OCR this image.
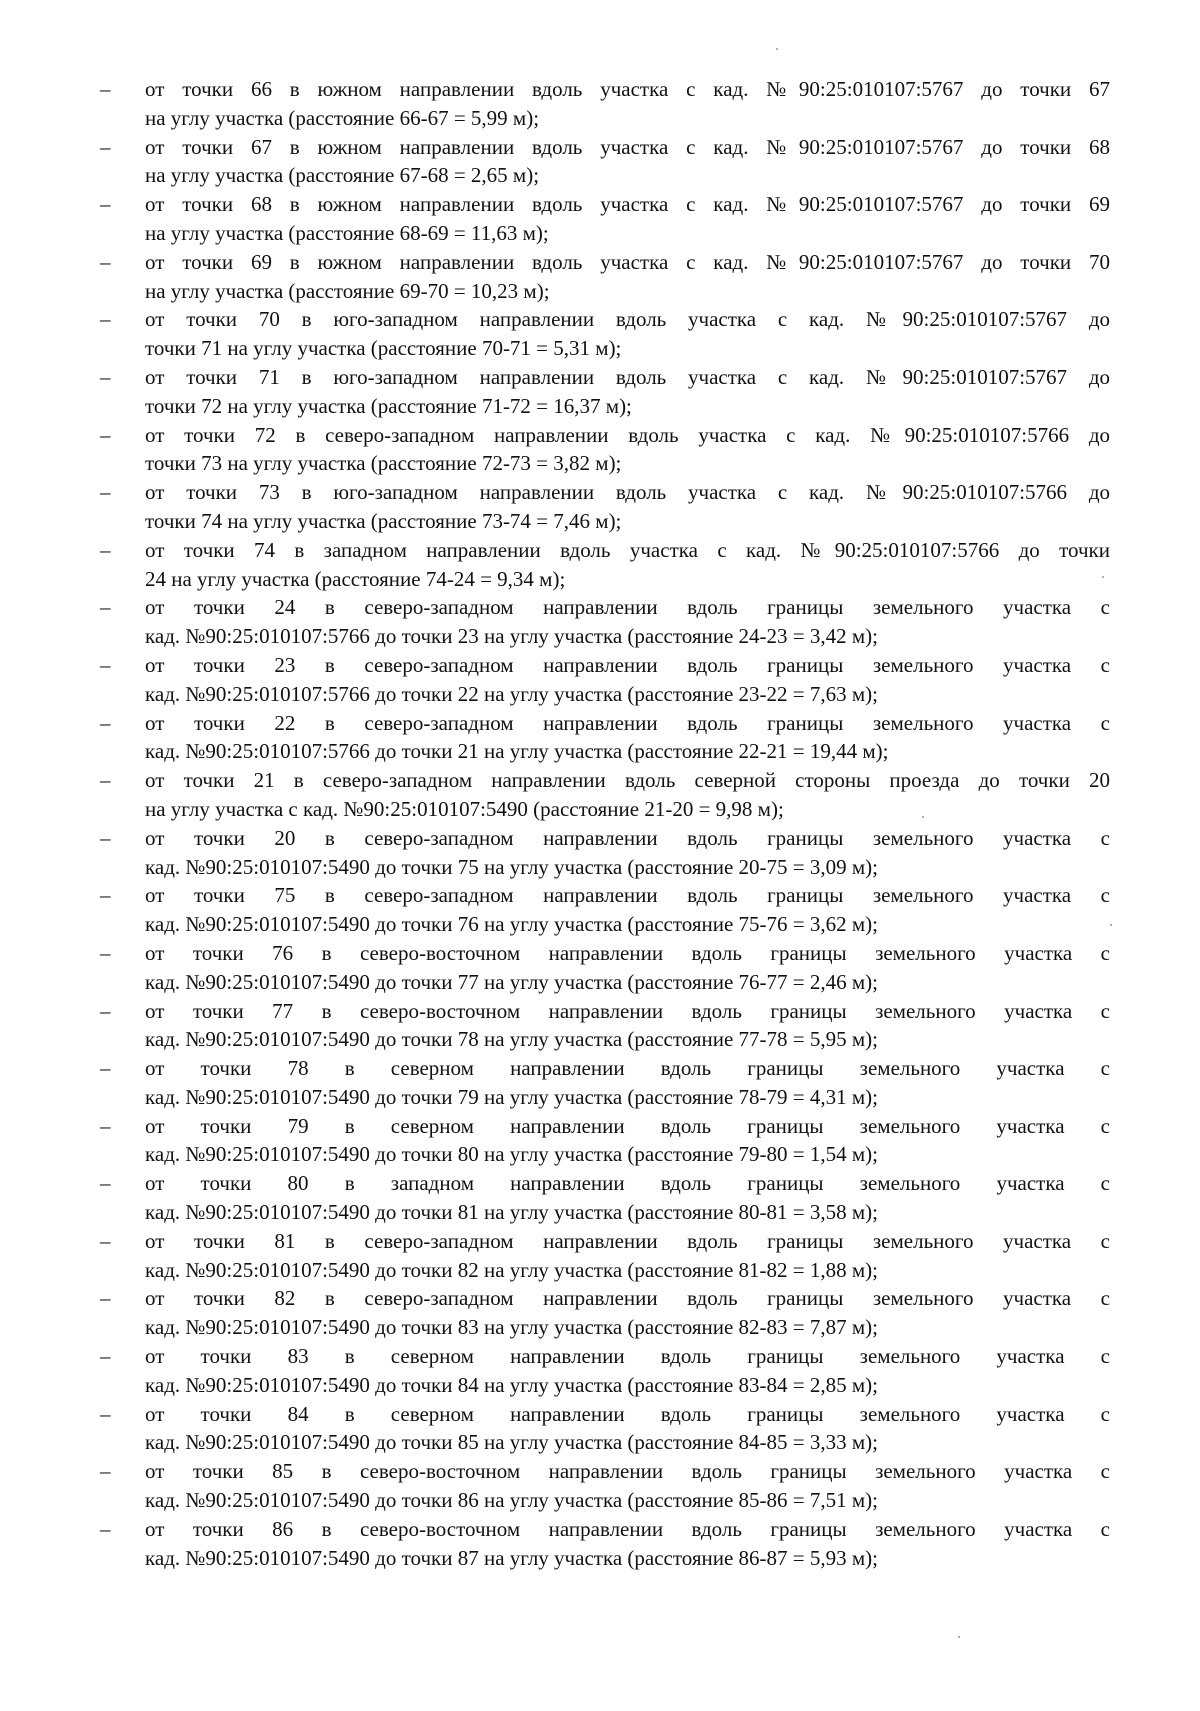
– от точки 66 в южном направлении вдоль участка с кад. №90:25:010107:5767 до точки 67
на углу участка (расстояние 66-67 = 5,99 м);
– от точки 67 в южном направлении вдоль участка с кад. №90:25:010107:5767 до точки 68
на углу участка (расстояние 67-68 = 2,65 м);
– от точки 68 в южном направлении вдоль участка с кад. №90:25:010107:5767 до точки 69
на углу участка (расстояние 68-69 = 11,63 м);
– от точки 69 в южном направлении вдоль участка с кад. №90:25:010107:5767 до точки 70
на углу участка (расстояние 69-70 = 10,23 м);
– от точки 70 в юго-западном направлении вдоль участка с кад. №90:25:010107:5767 до
точки 71 на углу участка (расстояние 70-71 = 5,31 м);
– от точки 71 в юго-западном направлении вдоль участка с кад. №90:25:010107:5767 до
точки 72 на углу участка (расстояние 71-72 = 16,37 м);
– от точки 72 в северо-западном направлении вдоль участка с кад. №90:25:010107:5766 до
точки 73 на углу участка (расстояние 72-73 = 3,82 м);
– от точки 73 в юго-западном направлении вдоль участка с кад. №90:25:010107:5766 до
точки 74 на углу участка (расстояние 73-74 = 7,46 м);
– от точки 74 в западном направлении вдоль участка с кад. №90:25:010107:5766 до точки
24 на углу участка (расстояние 74-24 = 9,34 м);
– от точки 24 в северо-западном направлении вдоль границы земельного участка с
кад. №90:25:010107:5766 до точки 23 на углу участка (расстояние 24-23 = 3,42 м);
– от точки 23 в северо-западном направлении вдоль границы земельного участка с
кад. №90:25:010107:5766 до точки 22 на углу участка (расстояние 23-22 = 7,63 м);
– от точки 22 в северо-западном направлении вдоль границы земельного участка с
кад. №90:25:010107:5766 до точки 21 на углу участка (расстояние 22-21 = 19,44 м);
– от точки 21 в северо-западном направлении вдоль северной стороны проезда до точки 20
на углу участка с кад. №90:25:010107:5490 (расстояние 21-20 = 9,98 м);
– от точки 20 в северо-западном направлении вдоль границы земельного участка с
кад. №90:25:010107:5490 до точки 75 на углу участка (расстояние 20-75 = 3,09 м);
– от точки 75 в северо-западном направлении вдоль границы земельного участка с
кад. №90:25:010107:5490 до точки 76 на углу участка (расстояние 75-76 = 3,62 м);
– от точки 76 в северо-восточном направлении вдоль границы земельного участка с
кад. №90:25:010107:5490 до точки 77 на углу участка (расстояние 76-77 = 2,46 м);
– от точки 77 в северо-восточном направлении вдоль границы земельного участка с
кад. №90:25:010107:5490 до точки 78 на углу участка (расстояние 77-78 = 5,95 м);
– от точки 78 в северном направлении вдоль границы земельного участка с
кад. №90:25:010107:5490 до точки 79 на углу участка (расстояние 78-79 = 4,31 м);
– от точки 79 в северном направлении вдоль границы земельного участка с
кад. №90:25:010107:5490 до точки 80 на углу участка (расстояние 79-80 = 1,54 м);
– от точки 80 в западном направлении вдоль границы земельного участка с
кад. №90:25:010107:5490 до точки 81 на углу участка (расстояние 80-81 = 3,58 м);
– от точки 81 в северо-западном направлении вдоль границы земельного участка с
кад. №90:25:010107:5490 до точки 82 на углу участка (расстояние 81-82 = 1,88 м);
– от точки 82 в северо-западном направлении вдоль границы земельного участка с
кад. №90:25:010107:5490 до точки 83 на углу участка (расстояние 82-83 = 7,87 м);
– от точки 83 в северном направлении вдоль границы земельного участка с
кад. №90:25:010107:5490 до точки 84 на углу участка (расстояние 83-84 = 2,85 м);
– от точки 84 в северном направлении вдоль границы земельного участка с
кад. №90:25:010107:5490 до точки 85 на углу участка (расстояние 84-85 = 3,33 м);
– от точки 85 в северо-восточном направлении вдоль границы земельного участка с
кад. №90:25:010107:5490 до точки 86 на углу участка (расстояние 85-86 = 7,51 м);
– от точки 86 в северо-восточном направлении вдоль границы земельного участка с
кад. №90:25:010107:5490 до точки 87 на углу участка (расстояние 86-87 = 5,93 м);
